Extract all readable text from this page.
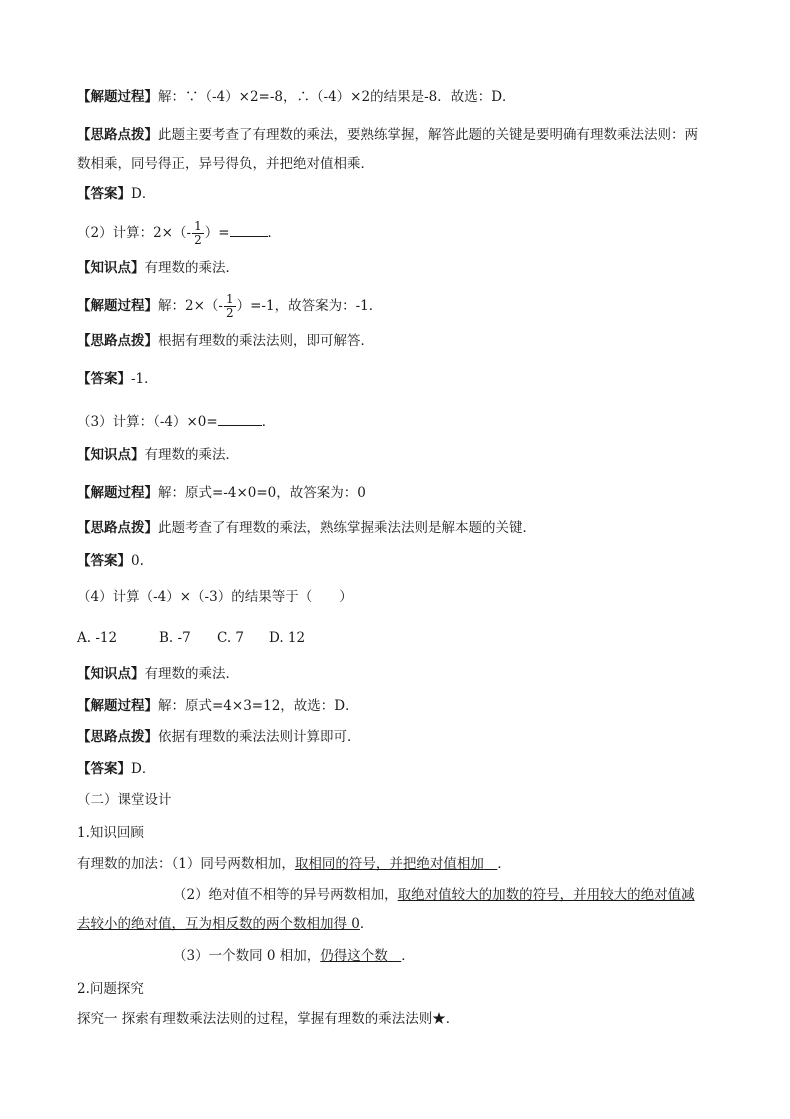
【解题过程】解：∵（-4）×2=-8，∴（-4）×2的结果是-8．故选：D．
【思路点拨】此题主要考查了有理数的乘法，要熟练掌握，解答此题的关键是要明确有理数乘法法则：两
数相乘，同号得正，异号得负，并把绝对值相乘．
【答案】D．
（2）计算：$2\times(- \frac{1}{2}$ ）=	．
【知识点】有理数的乘法．
【解题过程】解：$2\times(- \frac{1}{2} )=-1$，故答案为：-1．
【思路点拨】根据有理数的乘法法则，即可解答．
【答案】-1．
（3）计算：（-4）×0=	．
【知识点】有理数的乘法．
【解题过程】解：原式=-4×0=0，故答案为：0
【思路点拨】此题考查了有理数的乘法，熟练掌握乘法法则是解本题的关键．
【答案】0.
（4）计算（-4）×（-3）的结果等于（　　）
A. -12	B. -7 C. 7 D. 12
【知识点】有理数的乘法．
【解题过程】解：原式=4×3=12，故选：D．
【思路点拨】依据有理数的乘法法则计算即可．
【答案】D．
（二）课堂设计
1.知识回顾
有理数的加法：（1）同号两数相加，取相同的符号，并把绝对值相加　 ．
（2）绝对值不相等的异号两数相加，取绝对值较大的加数的符号，并用较大的绝对值减
去较小的绝对值，互为相反数的两个数相加得 0．
（3）一个数同 0 相加，仍得这个数　 ．
2.问题探究
探究一 探索有理数乘法法则的过程，掌握有理数的乘法法则★．
